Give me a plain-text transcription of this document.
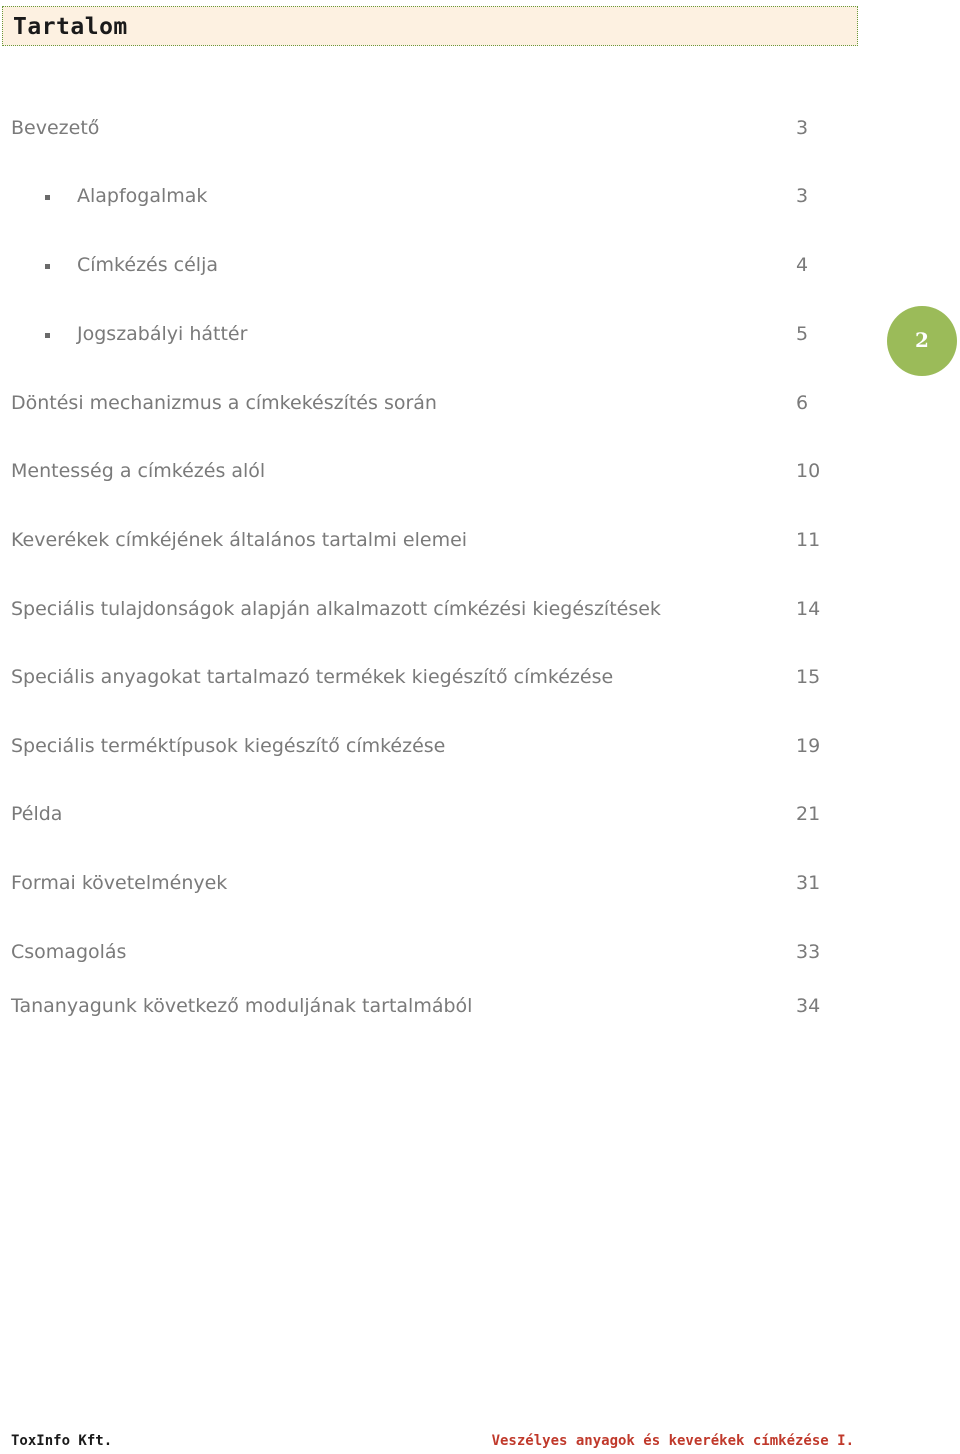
Tartalom
Bevezető	3
Alapfogalmak	3
Címkézés célja	4
Jogszabályi háttér	5
Döntési mechanizmus a címkekészítés során	6
Mentesség a címkézés alól	10
Keverékek címkéjének általános tartalmi elemei	11
Speciális tulajdonságok alapján alkalmazott címkézési kiegészítések	14
Speciális anyagokat tartalmazó termékek kiegészítő címkézése	15
Speciális terméktípusok kiegészítő címkézése	19
Példa	21
Formai követelmények	31
Csomagolás	33
Tananyagunk következő moduljának tartalmából	34
2
ToxInfo Kft.	Veszélyes anyagok és keverékek címkézése I.
